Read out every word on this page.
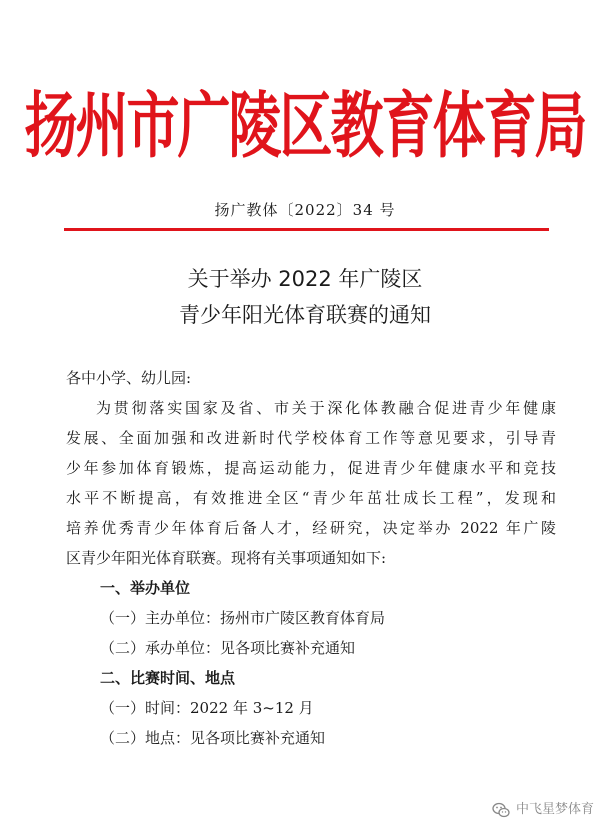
扬州市广陵区教育体育局
扬广教体〔2022〕34 号
关于举办 2022 年广陵区
青少年阳光体育联赛的通知
各中小学、幼儿园:
为贯彻落实国家及省、市关于深化体教融合促进青少年健康
发展、全面加强和改进新时代学校体育工作等意见要求，引导青
少年参加体育锻炼，提高运动能力，促进青少年健康水平和竞技
水平不断提高，有效推进全区“青少年茁壮成长工程”，发现和
培养优秀青少年体育后备人才，经研究，决定举办 2022 年广陵
区青少年阳光体育联赛。现将有关事项通知如下:
一、举办单位
（一）主办单位：扬州市广陵区教育体育局
（二）承办单位：见各项比赛补充通知
二、比赛时间、地点
（一）时间：2022 年 3~12 月
（二）地点：见各项比赛补充通知
中飞星梦体育
